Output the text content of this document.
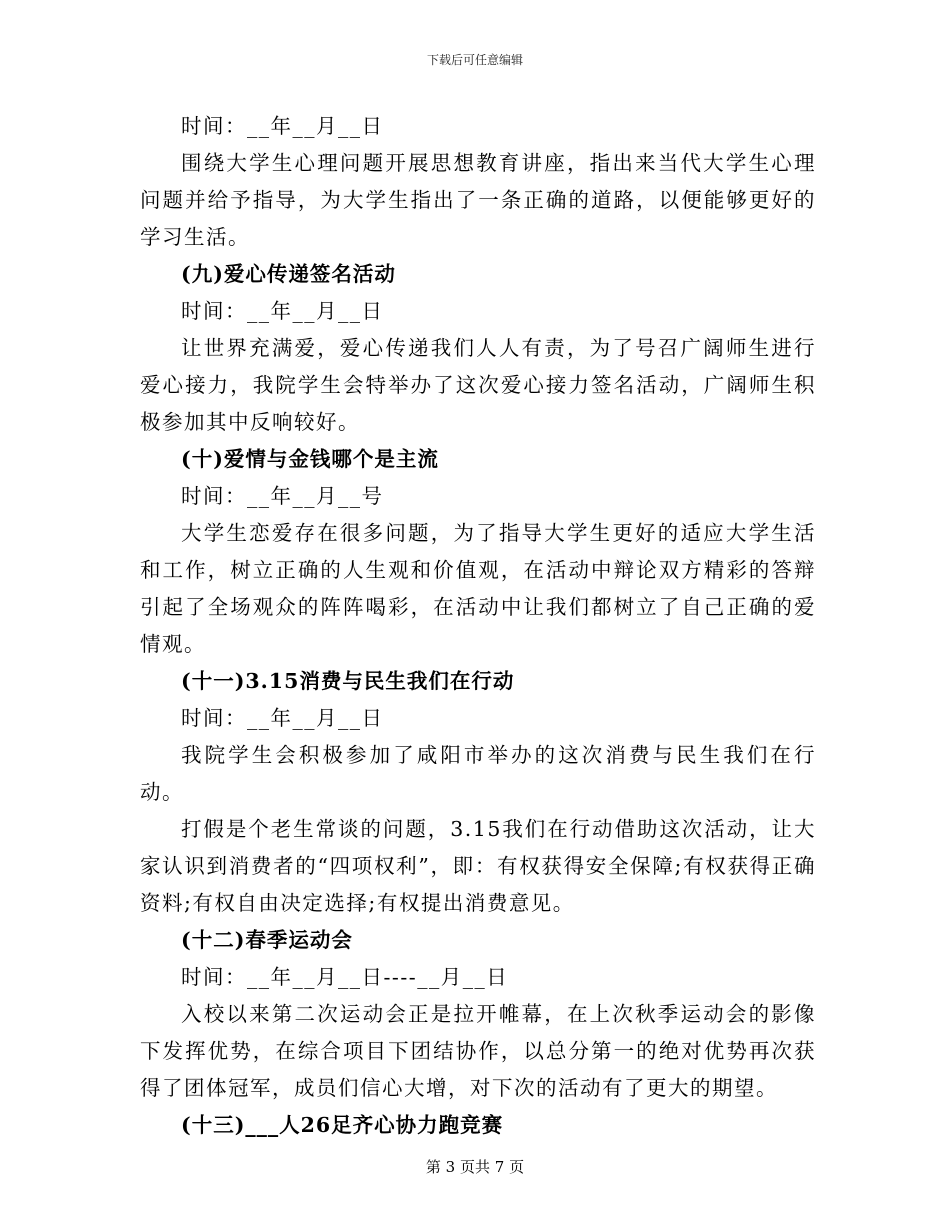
下载后可任意编辑

时间：__年__月__日

围绕大学生心理问题开展思想教育讲座，指出来当代大学生心理问题并给予指导，为大学生指出了一条正确的道路，以便能够更好的学习生活。

(九)爱心传递签名活动

时间：__年__月__日

让世界充满爱，爱心传递我们人人有责，为了号召广阔师生进行爱心接力，我院学生会特举办了这次爱心接力签名活动，广阔师生积极参加其中反响较好。

(十)爱情与金钱哪个是主流

时间：__年__月__号

大学生恋爱存在很多问题，为了指导大学生更好的适应大学生活和工作，树立正确的人生观和价值观，在活动中辩论双方精彩的答辩引起了全场观众的阵阵喝彩，在活动中让我们都树立了自己正确的爱情观。

(十一)3.15消费与民生我们在行动

时间：__年__月__日

我院学生会积极参加了咸阳市举办的这次消费与民生我们在行动。

打假是个老生常谈的问题，3.15我们在行动借助这次活动，让大家认识到消费者的“四项权利”，即：有权获得安全保障;有权获得正确资料;有权自由决定选择;有权提出消费意见。

(十二)春季运动会

时间：__年__月__日----__月__日

入校以来第二次运动会正是拉开帷幕，在上次秋季运动会的影像下发挥优势，在综合项目下团结协作，以总分第一的绝对优势再次获得了团体冠军，成员们信心大增，对下次的活动有了更大的期望。

(十三)___人26足齐心协力跑竞赛

第 3 页共 7 页
